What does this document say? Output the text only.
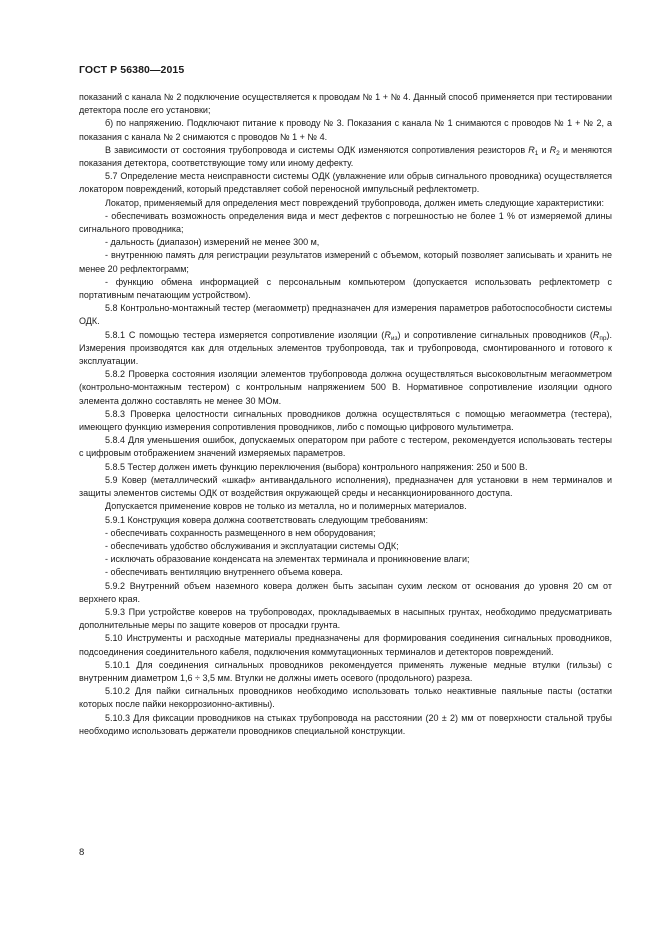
ГОСТ Р 56380—2015

показаний с канала № 2 подключение осуществляется к проводам № 1 + № 4. Данный способ применяется при тестировании детектора после его установки;

б) по напряжению. Подключают питание к проводу № 3. Показания с канала № 1 снимаются с проводов № 1 + № 2, а показания с канала № 2 снимаются с проводов № 1 + № 4.

В зависимости от состояния трубопровода и системы ОДК изменяются сопротивления резисторов $R_1$ и $R_2$ и меняются показания детектора, соответствующие тому или иному дефекту.

5.7 Определение места неисправности системы ОДК (увлажнение или обрыв сигнального проводника) осуществляется локатором повреждений, который представляет собой переносной импульсный рефлектометр.

Локатор, применяемый для определения мест повреждений трубопровода, должен иметь следующие характеристики:

- обеспечивать возможность определения вида и мест дефектов с погрешностью не более 1 % от измеряемой длины сигнального проводника;

- дальность (диапазон) измерений не менее 300 м,

- внутреннюю память для регистрации результатов измерений с объемом, который позволяет записывать и хранить не менее 20 рефлектограмм;

- функцию обмена информацией с персональным компьютером (допускается использовать рефлектометр с портативным печатающим устройством).

5.8 Контрольно-монтажный тестер (мегаомметр) предназначен для измерения параметров работоспособности системы ОДК.

5.8.1 С помощью тестера измеряется сопротивление изоляции $(R_{из})$ и сопротивление сигнальных проводников $(R_{пр})$. Измерения производятся как для отдельных элементов трубопровода, так и трубопровода, смонтированного и готового к эксплуатации.

5.8.2 Проверка состояния изоляции элементов трубопровода должна осуществляться высоковольтным мегаомметром (контрольно-монтажным тестером) с контрольным напряжением 500 В. Нормативное сопротивление изоляции одного элемента должно составлять не менее 30 МОм.

5.8.3 Проверка целостности сигнальных проводников должна осуществляться с помощью мегаомметра (тестера), имеющего функцию измерения сопротивления проводников, либо с помощью цифрового мультиметра.

5.8.4 Для уменьшения ошибок, допускаемых оператором при работе с тестером, рекомендуется использовать тестеры с цифровым отображением значений измеряемых параметров.

5.8.5 Тестер должен иметь функцию переключения (выбора) контрольного напряжения: 250 и 500 В.

5.9 Ковер (металлический «шкаф» антивандального исполнения), предназначен для установки в нем терминалов и защиты элементов системы ОДК от воздействия окружающей среды и несанкционированного доступа.

Допускается применение ковров не только из металла, но и полимерных материалов.

5.9.1 Конструкция ковера должна соответствовать следующим требованиям:

- обеспечивать сохранность размещенного в нем оборудования;

- обеспечивать удобство обслуживания и эксплуатации системы ОДК;

- исключать образование конденсата на элементах терминала и проникновение влаги;

- обеспечивать вентиляцию внутреннего объема ковера.

5.9.2 Внутренний объем наземного ковера должен быть засыпан сухим леском от основания до уровня 20 см от верхнего края.

5.9.3 При устройстве коверов на трубопроводах, прокладываемых в насыпных грунтах, необходимо предусматривать дополнительные меры по защите коверов от просадки грунта.

5.10 Инструменты и расходные материалы предназначены для формирования соединения сигнальных проводников, подсоединения соединительного кабеля, подключения коммутационных терминалов и детекторов повреждений.

5.10.1 Для соединения сигнальных проводников рекомендуется применять луженые медные втулки (гильзы) с внутренним диаметром 1,6 ÷ 3,5 мм. Втулки не должны иметь осевого (продольного) разреза.

5.10.2 Для пайки сигнальных проводников необходимо использовать только неактивные паяльные пасты (остатки которых после пайки некоррозионно-активны).

5.10.3 Для фиксации проводников на стыках трубопровода на расстоянии (20 ± 2) мм от поверхности стальной трубы необходимо использовать держатели проводников специальной конструкции.

8
